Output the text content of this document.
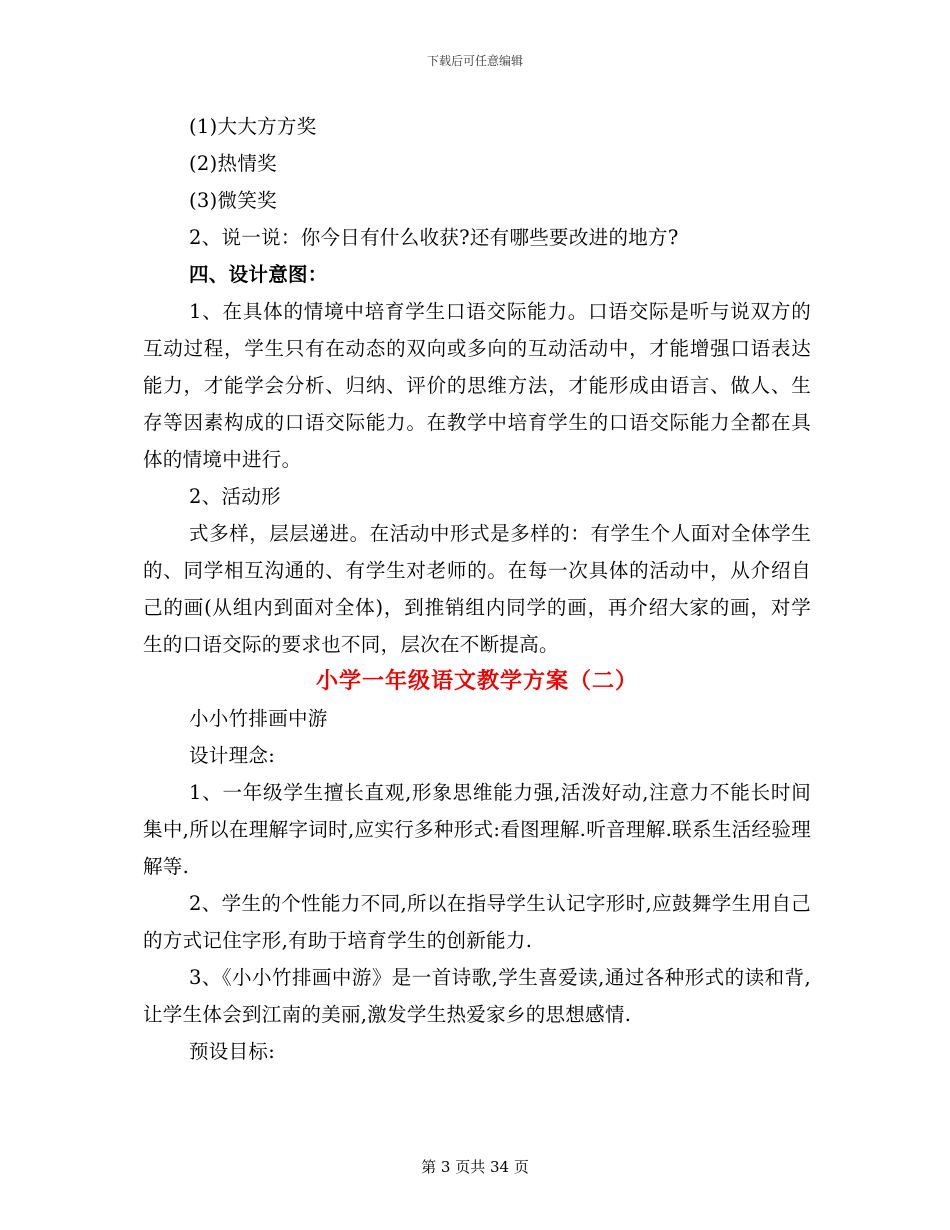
下载后可任意编辑

(1)大大方方奖

(2)热情奖

(3)微笑奖

2、说一说：你今日有什么收获?还有哪些要改进的地方?

四、设计意图：

1、在具体的情境中培育学生口语交际能力。口语交际是听与说双方的互动过程，学生只有在动态的双向或多向的互动活动中，才能增强口语表达能力，才能学会分析、归纳、评价的思维方法，才能形成由语言、做人、生存等因素构成的口语交际能力。在教学中培育学生的口语交际能力全都在具体的情境中进行。

2、活动形

式多样，层层递进。在活动中形式是多样的：有学生个人面对全体学生的、同学相互沟通的、有学生对老师的。在每一次具体的活动中，从介绍自己的画(从组内到面对全体)，到推销组内同学的画，再介绍大家的画，对学生的口语交际的要求也不同，层次在不断提高。

小学一年级语文教学方案（二）

小小竹排画中游

设计理念:

1、一年级学生擅长直观,形象思维能力强,活泼好动,注意力不能长时间集中,所以在理解字词时,应实行多种形式:看图理解.听音理解.联系生活经验理解等.

2、学生的个性能力不同,所以在指导学生认记字形时,应鼓舞学生用自己的方式记住字形,有助于培育学生的创新能力.

3、《小小竹排画中游》是一首诗歌,学生喜爱读,通过各种形式的读和背,让学生体会到江南的美丽,激发学生热爱家乡的思想感情.

预设目标:

第 3 页共 34 页
